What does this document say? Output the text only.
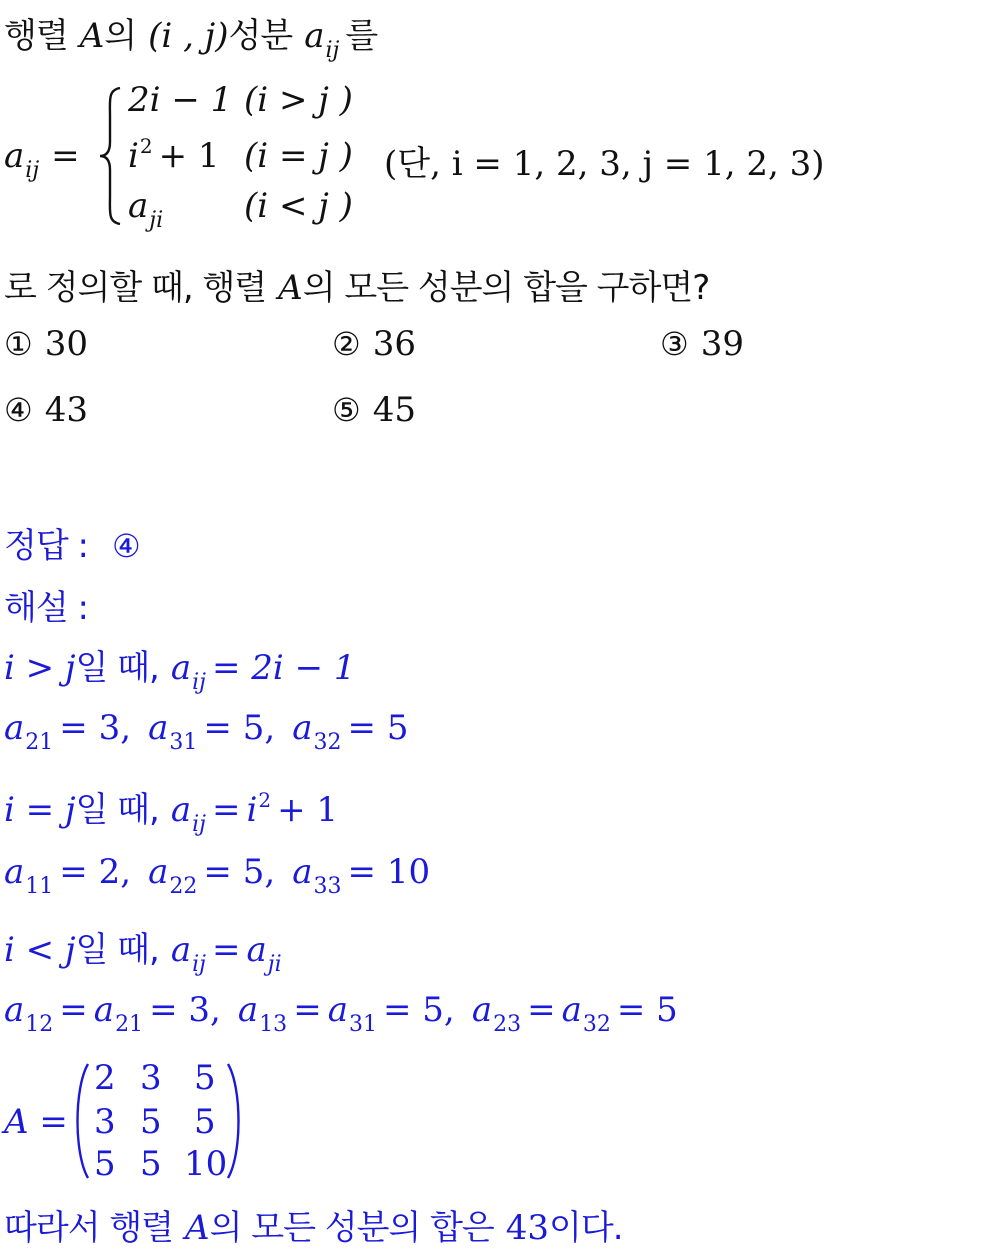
행렬 A의 (i , j)성분 aij 를
aij =
2i − 1 (i > j )
i2 + 1 (i = j )
aji (i < j )
(단, i = 1, 2, 3, j = 1, 2, 3)
로 정의할 때, 행렬 A의 모든 성분의 합을 구하면?
① 30	② 36	③ 39
④ 43	⑤ 45
정답 : ④
해설 :
i > j일 때, aij = 2i − 1
a21 = 3, a31 = 5, a32 = 5
i = j일 때, aij = i2 + 1
a11 = 2, a22 = 5, a33 = 10
i < j일 때, aij = aji
a12 = a21 = 3, a13 = a31 = 5, a23 = a32 = 5
A =
2 3 5
3 5 5
5 5 10
따라서 행렬 A의 모든 성분의 합은 43이다.
